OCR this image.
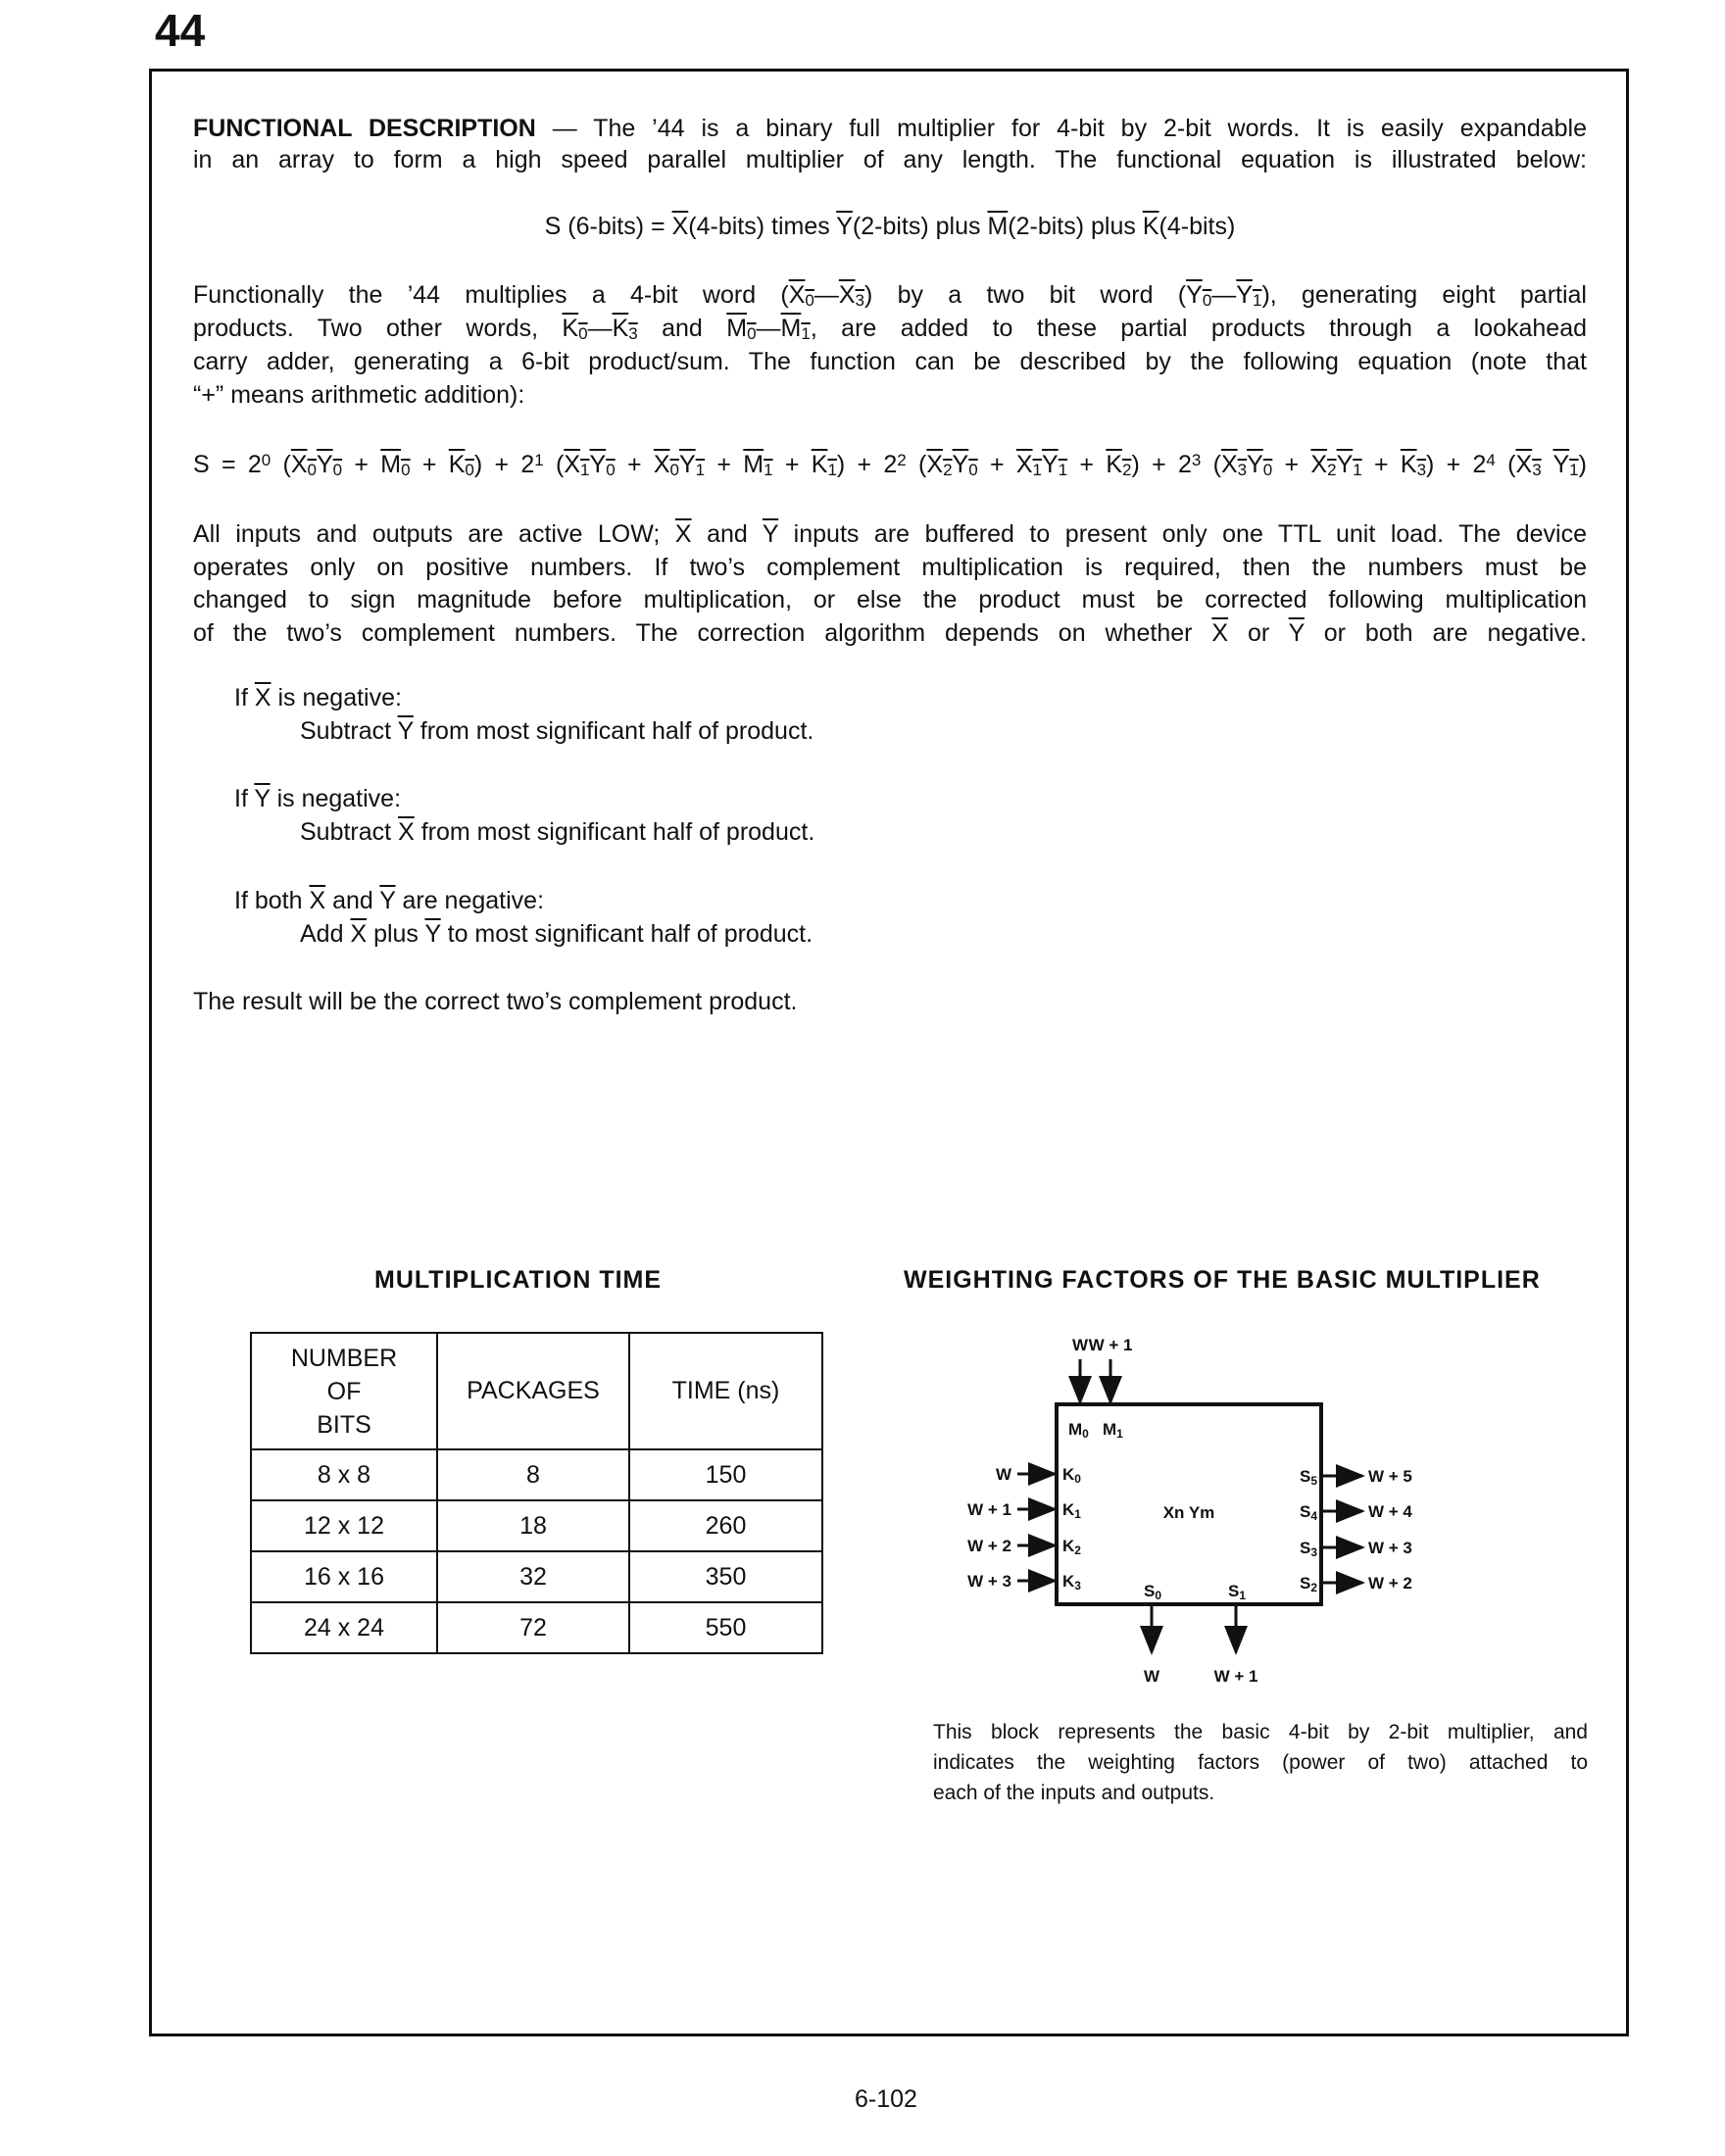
44
FUNCTIONAL DESCRIPTION — The ’44 is a binary full multiplier for 4-bit by 2-bit words. It is easily expandable
in an array to form a high speed parallel multiplier of any length. The functional equation is illustrated below:
S (6-bits) = $\overline{X}(4-bits)$ times $\overline{Y}(2-bits)$ plus $\overline{M}(2-bits)$ plus $\overline{K}(4-bits)$
Functionally the ’44 multiplies a 4-bit word $(X_0—X_3)$ by a two bit word $(Y_0—Y_1)$, generating eight partial
products. Two other words, $K_0—K_3$ and $M_0—M_1$, are added to these partial products through a lookahead
carry adder, generating a 6-bit product/sum. The function can be described by the following equation (note that
“+” means arithmetic addition):
$S = 2^0$ $(X_0Y_0 + M_0 + K_0) + 2^1$ $(X_1Y_0 + X_0Y_1 + M_1 + K_1) + 2^2$ $(X_2Y_0 + X_1Y_1 + K_2) + 2^3$ $(X_3Y_0 + X_2Y_1 + K_3) + 2^4$ ($X_3$ $Y_1$)
All inputs and outputs are active LOW; $\overline{X}$ and $\overline{Y}$ inputs are buffered to present only one TTL unit load. The device
operates only on positive numbers. If two’s complement multiplication is required, then the numbers must be
changed to sign magnitude before multiplication, or else the product must be corrected following multiplication
of the two’s complement numbers. The correction algorithm depends on whether $\overline{X}$ or $\overline{Y}$ or both are negative.
If $\overline{X}$ is negative:
Subtract $\overline{Y}$ from most significant half of product.
If $\overline{Y}$ is negative:
Subtract $\overline{X}$ from most significant half of product.
If both $\overline{X}$ and $\overline{Y}$ are negative:
Add $\overline{X}$ plus $\overline{Y}$ to most significant half of product.
The result will be the correct two’s complement product.
MULTIPLICATION TIME
NUMBER
OF
BITS	PACKAGES	TIME (ns)
8 x 8	8	150
12 x 12	18	260
16 x 16	32	350
24 x 24	72	550
WEIGHTING FACTORS OF THE BASIC MULTIPLIER
W W + 1
M0 M1
W	K0
W + 1	K1
W + 2	K2
W + 3	K3
S5	W + 5
S4	W + 4
S3	W + 3
S2	W + 2
S0
W
S1
W + 1
Xn Ym
This block represents the basic 4-bit by 2-bit multiplier, and
indicates the weighting factors (power of two) attached to
each of the inputs and outputs.
6-102
